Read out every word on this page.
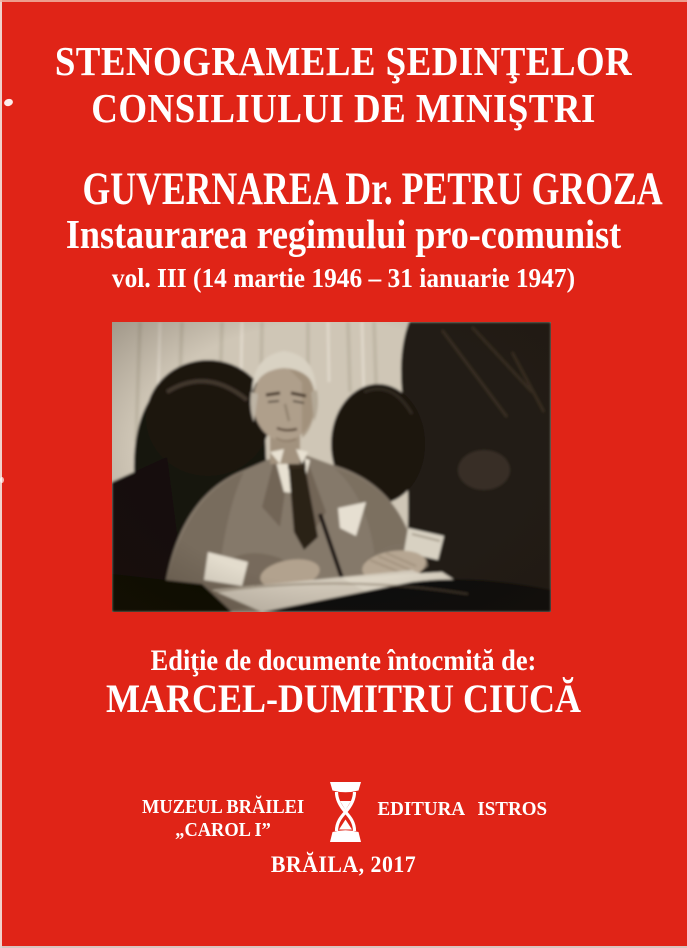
STENOGRAMELE ŞEDINŢELOR
CONSILIULUI DE MINIŞTRI
GUVERNAREA Dr. PETRU GROZA
Instaurarea regimului pro-comunist
vol. III (14 martie 1946 – 31 ianuarie 1947)
Ediţie de documente întocmită de:
MARCEL-DUMITRU CIUCĂ
MUZEUL BRĂILEI
„CAROL I”
EDITURA ISTROS
BRĂILA, 2017
